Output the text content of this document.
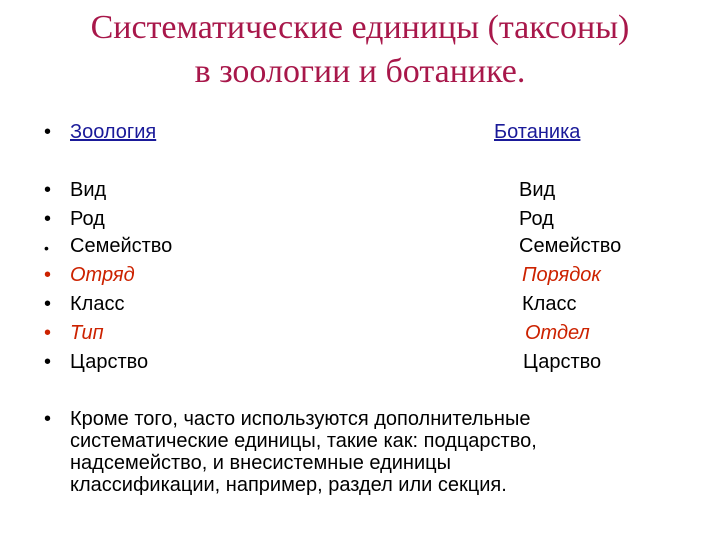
Систематические единицы (таксоны)
в зоологии и ботанике.
• Зоология	Ботаника
• Вид	Вид
• Род	Род
• Семейство	Семейство
• Отряд	Порядок
• Класс	Класс
• Тип	Отдел
• Царство	Царство
• Кроме того, часто используются дополнительные
систематические единицы, такие как: подцарство,
надсемейство, и внесистемные единицы
классификации, например, раздел или секция.
